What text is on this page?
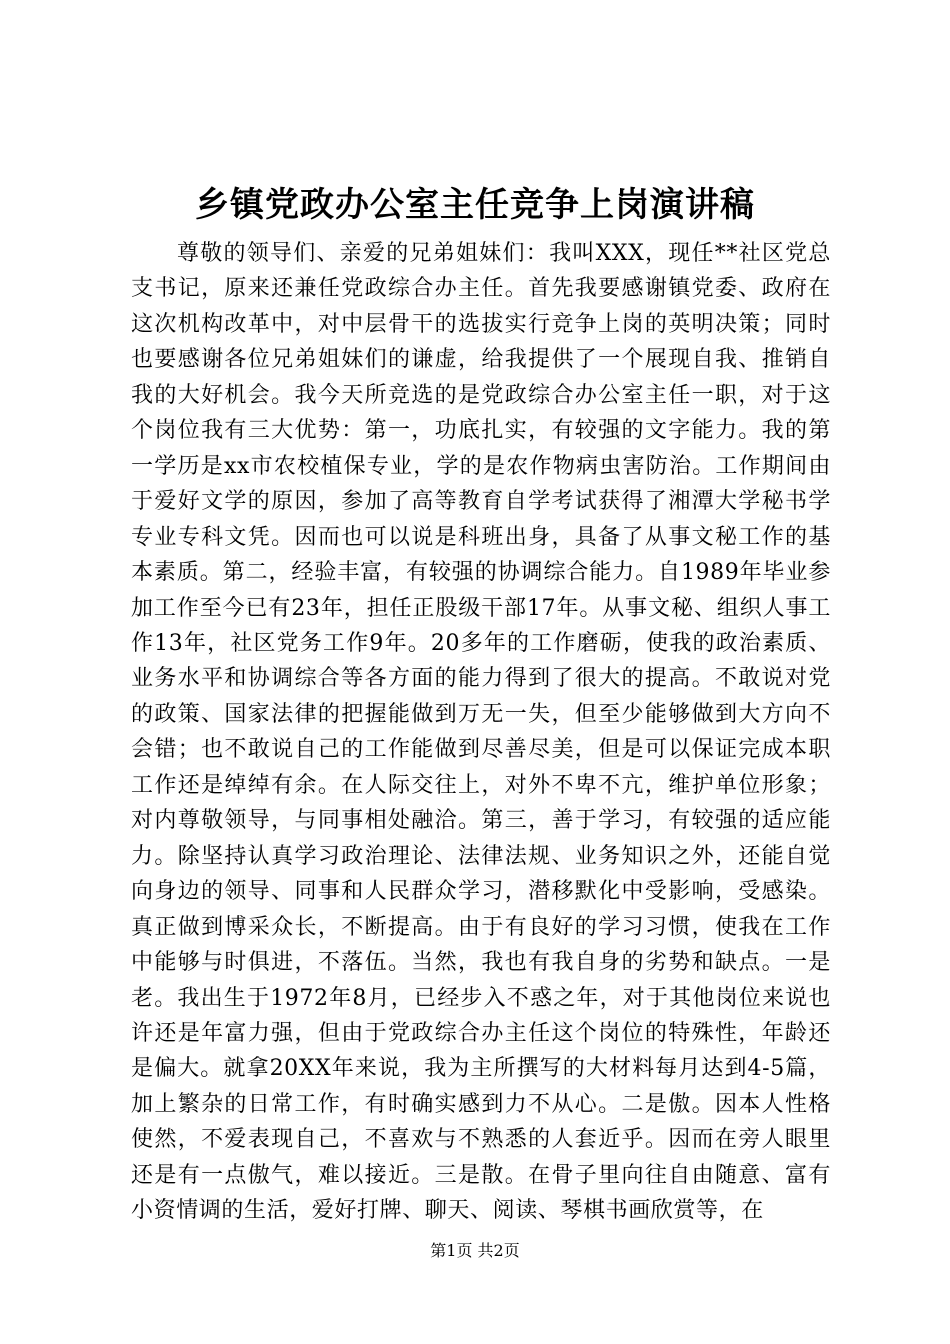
乡镇党政办公室主任竞争上岗演讲稿

尊敬的领导们、亲爱的兄弟姐妹们：我叫XXX，现任**社区党总支书记，原来还兼任党政综合办主任。首先我要感谢镇党委、政府在这次机构改革中，对中层骨干的选拔实行竞争上岗的英明决策；同时也要感谢各位兄弟姐妹们的谦虚，给我提供了一个展现自我、推销自我的大好机会。我今天所竞选的是党政综合办公室主任一职，对于这个岗位我有三大优势：第一，功底扎实，有较强的文字能力。我的第一学历是xx市农校植保专业，学的是农作物病虫害防治。工作期间由于爱好文学的原因，参加了高等教育自学考试获得了湘潭大学秘书学专业专科文凭。因而也可以说是科班出身，具备了从事文秘工作的基本素质。第二，经验丰富，有较强的协调综合能力。自1989年毕业参加工作至今已有23年，担任正股级干部17年。从事文秘、组织人事工作13年，社区党务工作9年。20多年的工作磨砺，使我的政治素质、业务水平和协调综合等各方面的能力得到了很大的提高。不敢说对党的政策、国家法律的把握能做到万无一失，但至少能够做到大方向不会错；也不敢说自己的工作能做到尽善尽美，但是可以保证完成本职工作还是绰绰有余。在人际交往上，对外不卑不亢，维护单位形象；对内尊敬领导，与同事相处融洽。第三，善于学习，有较强的适应能力。除坚持认真学习政治理论、法律法规、业务知识之外，还能自觉向身边的领导、同事和人民群众学习，潜移默化中受影响，受感染。真正做到博采众长，不断提高。由于有良好的学习习惯，使我在工作中能够与时俱进，不落伍。当然，我也有我自身的劣势和缺点。一是老。我出生于1972年8月，已经步入不惑之年，对于其他岗位来说也许还是年富力强，但由于党政综合办主任这个岗位的特殊性，年龄还是偏大。就拿20XX年来说，我为主所撰写的大材料每月达到4-5篇，加上繁杂的日常工作，有时确实感到力不从心。二是傲。因本人性格使然，不爱表现自己，不喜欢与不熟悉的人套近乎。因而在旁人眼里还是有一点傲气，难以接近。三是散。在骨子里向往自由随意、富有小资情调的生活，爱好打牌、聊天、阅读、琴棋书画欣赏等，在

第1页 共2页
